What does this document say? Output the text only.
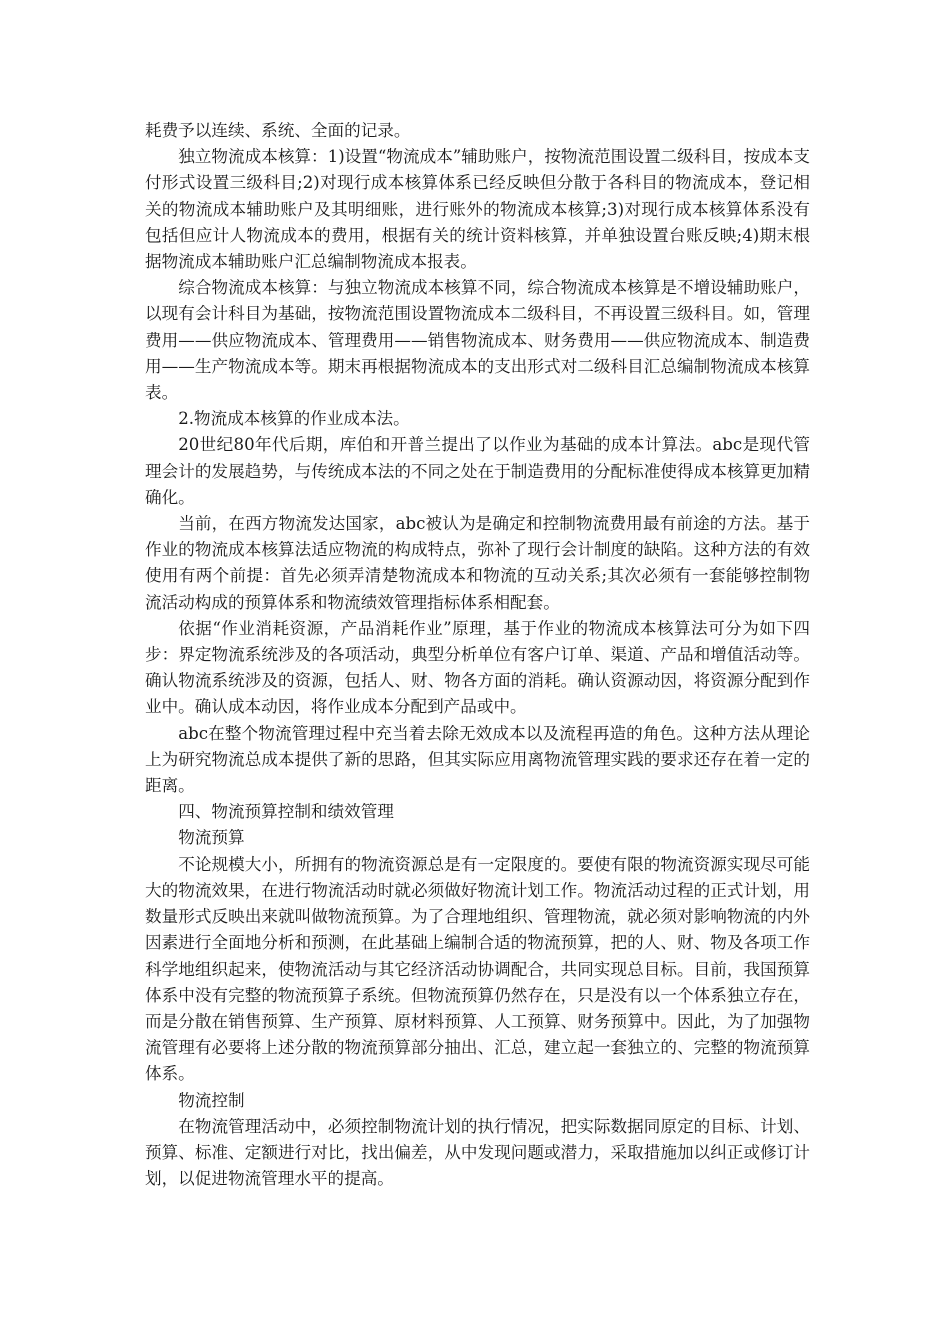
耗费予以连续、系统、全面的记录。

独立物流成本核算：1)设置“物流成本”辅助账户，按物流范围设置二级科目，按成本支付形式设置三级科目;2)对现行成本核算体系已经反映但分散于各科目的物流成本，登记相关的物流成本辅助账户及其明细账，进行账外的物流成本核算;3)对现行成本核算体系没有包括但应计人物流成本的费用，根据有关的统计资料核算，并单独设置台账反映;4)期末根据物流成本辅助账户汇总编制物流成本报表。

综合物流成本核算：与独立物流成本核算不同，综合物流成本核算是不增设辅助账户，以现有会计科目为基础，按物流范围设置物流成本二级科目，不再设置三级科目。如，管理费用——供应物流成本、管理费用——销售物流成本、财务费用——供应物流成本、制造费用——生产物流成本等。期末再根据物流成本的支出形式对二级科目汇总编制物流成本核算表。

2.物流成本核算的作业成本法。

20世纪80年代后期，库伯和开普兰提出了以作业为基础的成本计算法。abc是现代管理会计的发展趋势，与传统成本法的不同之处在于制造费用的分配标准使得成本核算更加精确化。

当前，在西方物流发达国家，abc被认为是确定和控制物流费用最有前途的方法。基于作业的物流成本核算法适应物流的构成特点，弥补了现行会计制度的缺陷。这种方法的有效使用有两个前提：首先必须弄清楚物流成本和物流的互动关系;其次必须有一套能够控制物流活动构成的预算体系和物流绩效管理指标体系相配套。

依据“作业消耗资源，产品消耗作业”原理，基于作业的物流成本核算法可分为如下四步：界定物流系统涉及的各项活动，典型分析单位有客户订单、渠道、产品和增值活动等。确认物流系统涉及的资源，包括人、财、物各方面的消耗。确认资源动因，将资源分配到作业中。确认成本动因，将作业成本分配到产品或中。

abc在整个物流管理过程中充当着去除无效成本以及流程再造的角色。这种方法从理论上为研究物流总成本提供了新的思路，但其实际应用离物流管理实践的要求还存在着一定的距离。

四、物流预算控制和绩效管理

物流预算

不论规模大小，所拥有的物流资源总是有一定限度的。要使有限的物流资源实现尽可能大的物流效果，在进行物流活动时就必须做好物流计划工作。物流活动过程的正式计划，用数量形式反映出来就叫做物流预算。为了合理地组织、管理物流，就必须对影响物流的内外因素进行全面地分析和预测，在此基础上编制合适的物流预算，把的人、财、物及各项工作科学地组织起来，使物流活动与其它经济活动协调配合，共同实现总目标。目前，我国预算体系中没有完整的物流预算子系统。但物流预算仍然存在，只是没有以一个体系独立存在，而是分散在销售预算、生产预算、原材料预算、人工预算、财务预算中。因此，为了加强物流管理有必要将上述分散的物流预算部分抽出、汇总，建立起一套独立的、完整的物流预算体系。

物流控制

在物流管理活动中，必须控制物流计划的执行情况，把实际数据同原定的目标、计划、预算、标准、定额进行对比，找出偏差，从中发现问题或潜力，采取措施加以纠正或修订计划，以促进物流管理水平的提高。
